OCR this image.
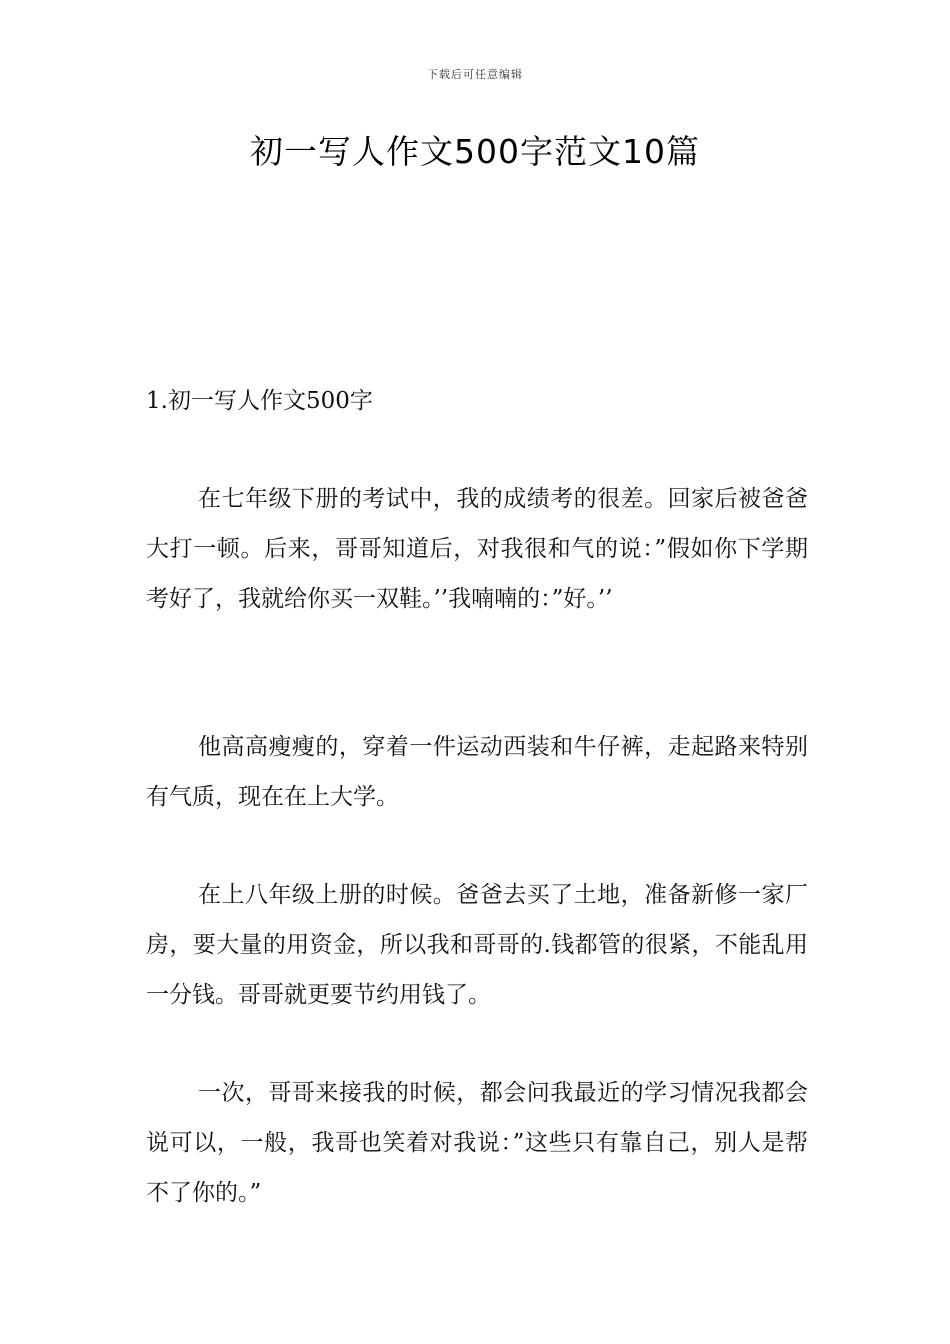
下载后可任意编辑
初一写人作文500字范文10篇
1.初一写人作文500字

在七年级下册的考试中，我的成绩考的很差。回家后被爸爸大打一顿。后来，哥哥知道后，对我很和气的说：”假如你下学期考好了，我就给你买一双鞋。’’我喃喃的：”好。’’

他高高瘦瘦的，穿着一件运动西装和牛仔裤，走起路来特别有气质，现在在上大学。

在上八年级上册的时候。爸爸去买了土地，准备新修一家厂房，要大量的用资金，所以我和哥哥的.钱都管的很紧，不能乱用一分钱。哥哥就更要节约用钱了。

一次，哥哥来接我的时候，都会问我最近的学习情况我都会说可以，一般，我哥也笑着对我说：”这些只有靠自己，别人是帮不了你的。”
